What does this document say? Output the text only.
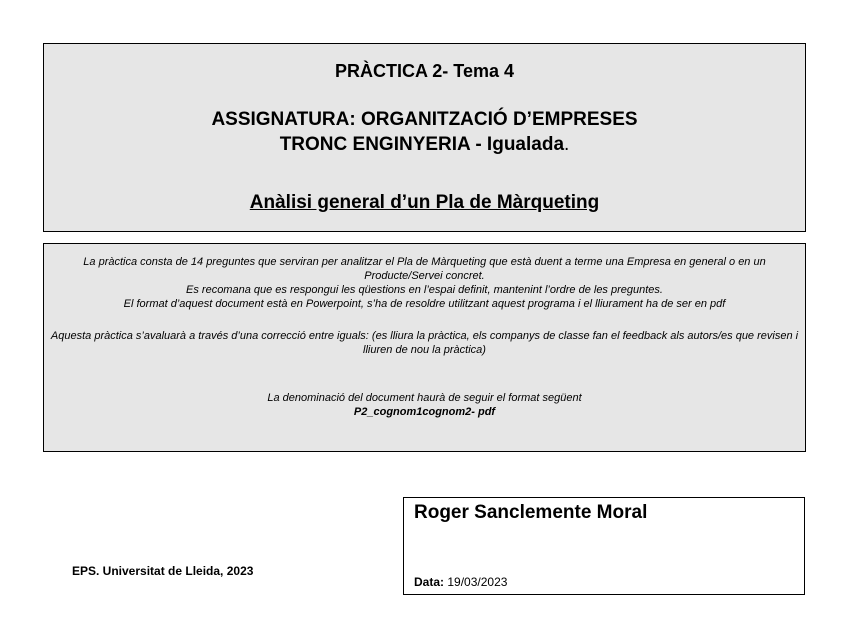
PRÀCTICA 2- Tema 4
ASSIGNATURA: ORGANITZACIÓ D’EMPRESES
TRONC ENGINYERIA - Igualada.
Anàlisi general d’un Pla de Màrqueting
La pràctica consta de 14 preguntes que serviran per analitzar el Pla de Màrqueting que està duent a terme una Empresa en general o en un Producte/Servei concret.
Es recomana que es respongui les qüestions en l’espai definit, mantenint l’ordre de les preguntes.
El format d’aquest document està en Powerpoint, s’ha de resoldre utilitzant aquest programa i el lliurament ha de ser en pdf
Aquesta pràctica s’avaluarà a través d’una correcció entre iguals: (es lliura la pràctica, els companys de classe fan el feedback als autors/es que revisen i lliuren de nou la pràctica)
La denominació del document haurà de seguir el format següent
P2_cognom1cognom2- pdf
EPS. Universitat de Lleida, 2023
Roger Sanclemente Moral
Data: 19/03/2023
